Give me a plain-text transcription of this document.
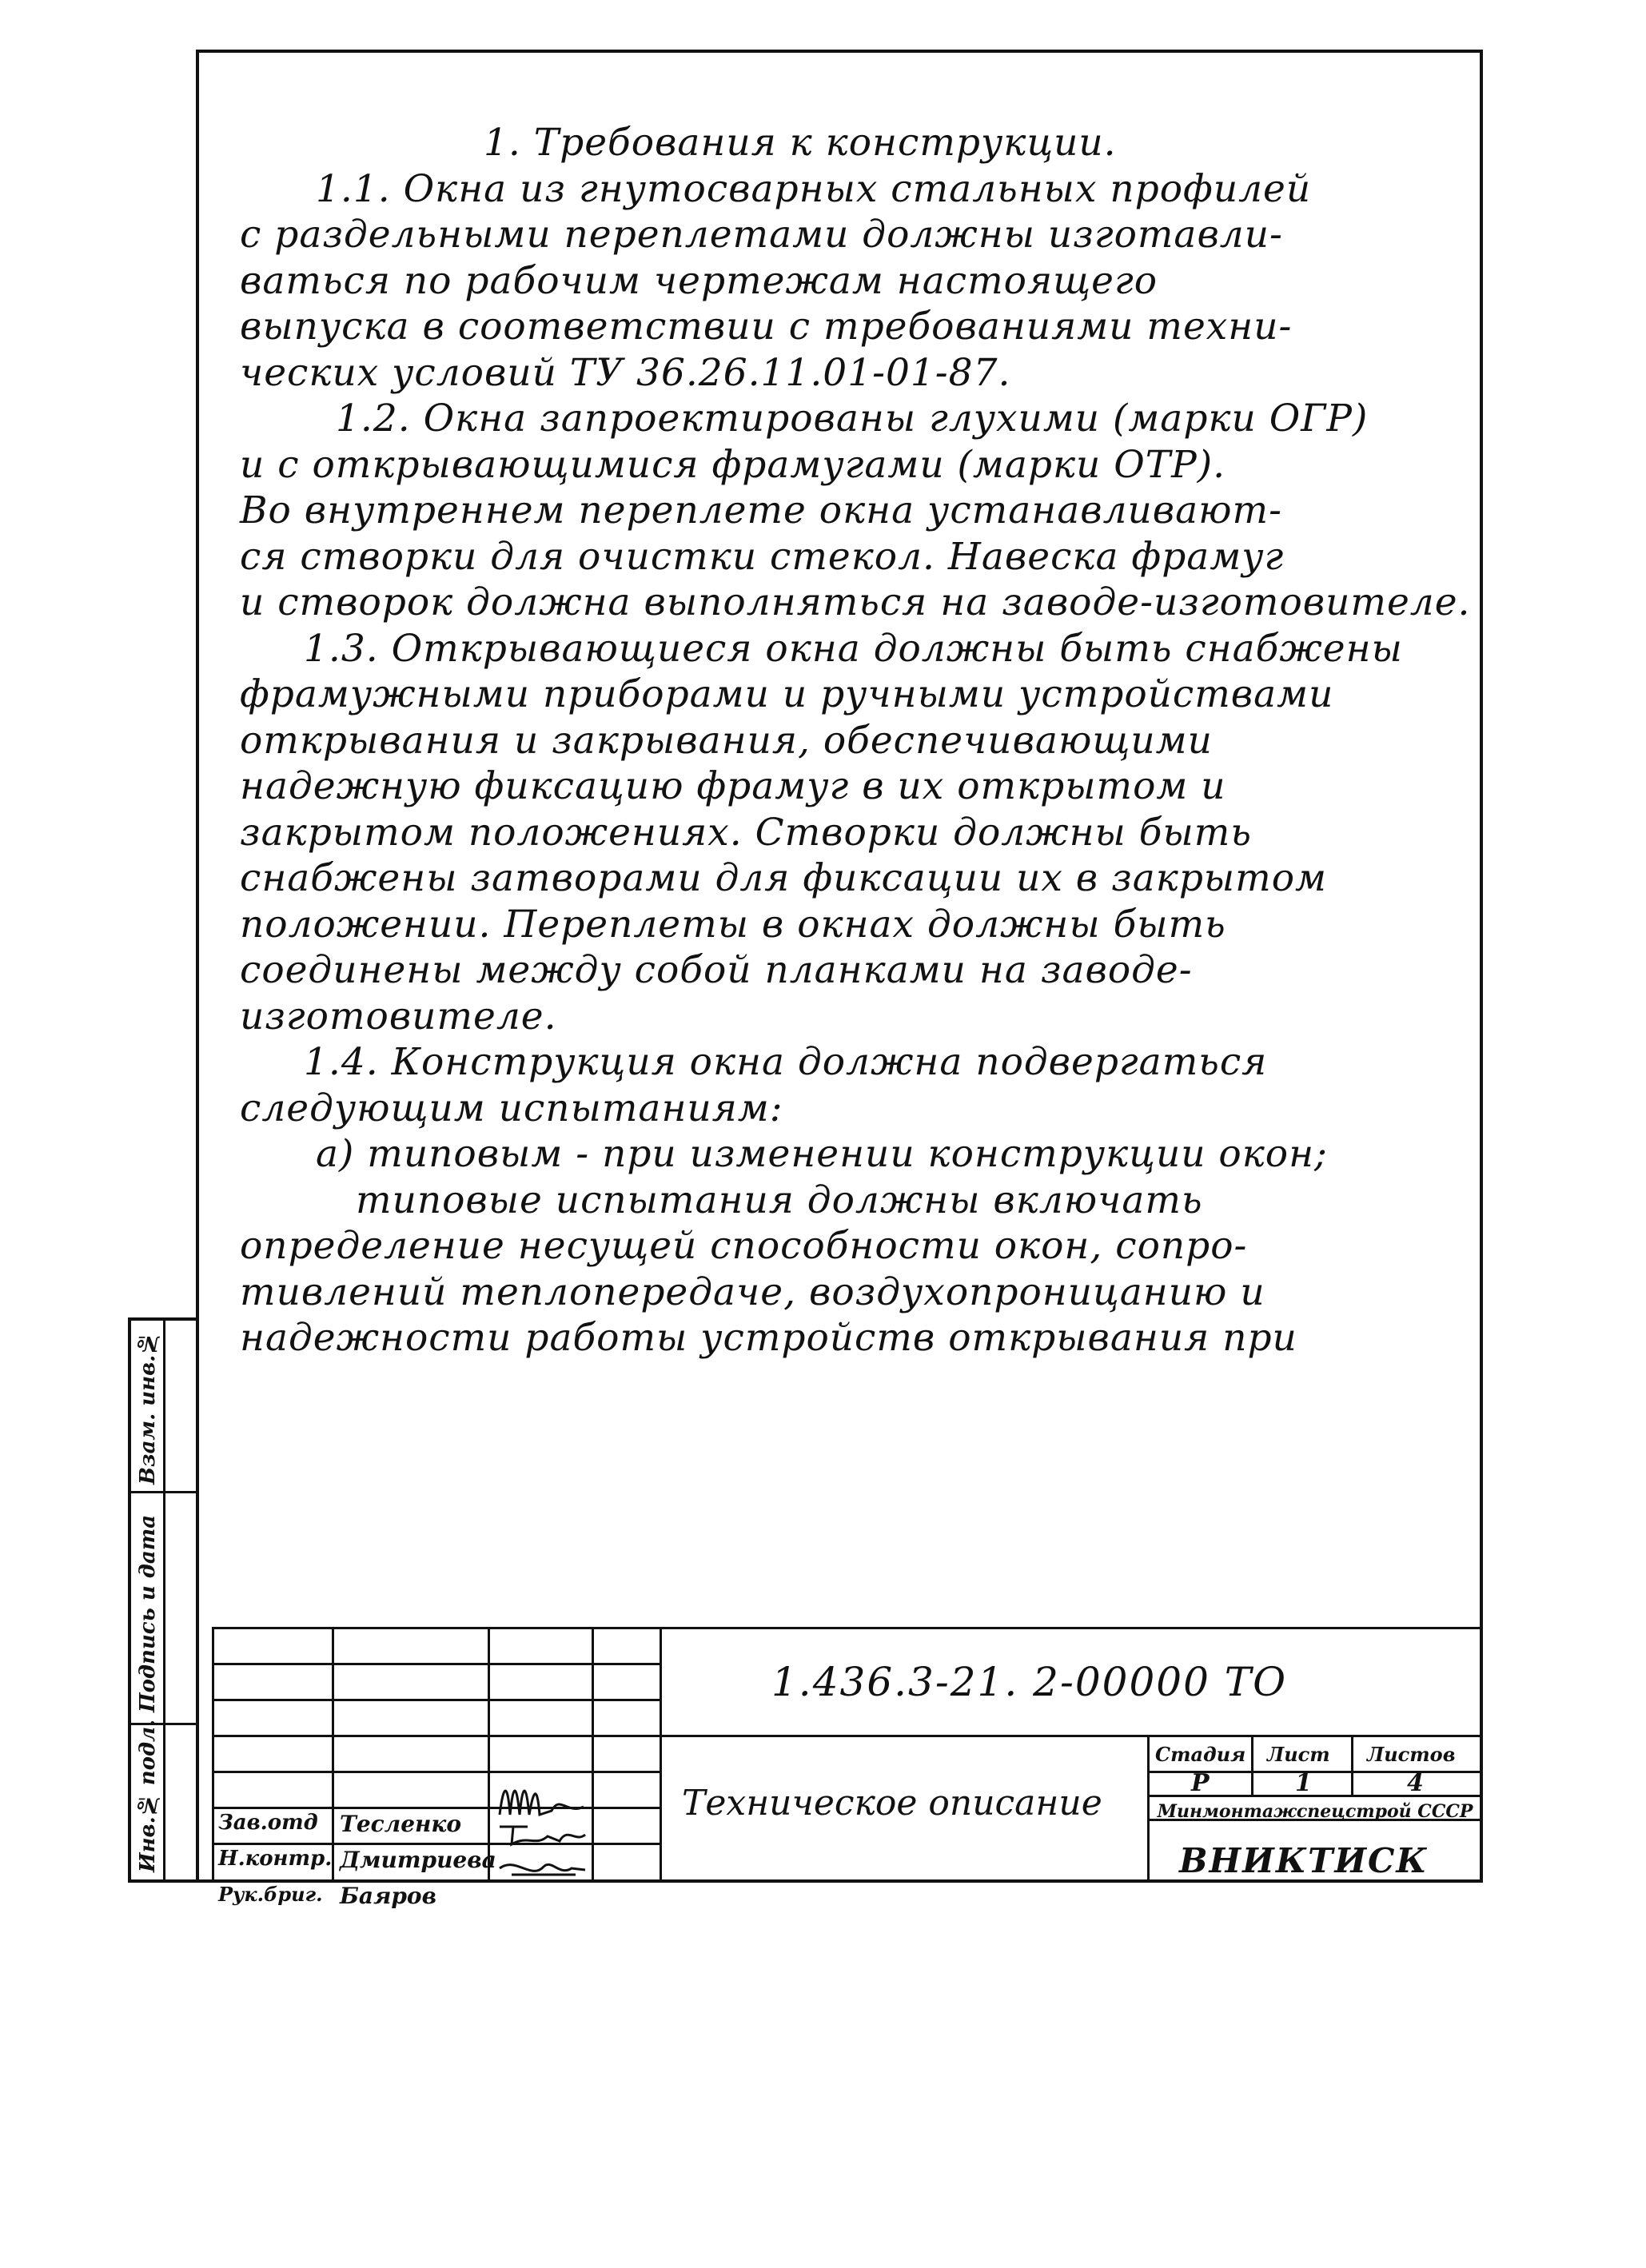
1. Требования к конструкции.
1.1. Окна из гнутосварных стальных профилей
с раздельными переплетами должны изготавли-
ваться по рабочим чертежам настоящего
выпуска в соответствии с требованиями техни-
ческих условий ТУ 36.26.11.01-01-87.
1.2. Окна запроектированы глухими (марки ОГР)
и с открывающимися фрамугами (марки ОТР).
Во внутреннем переплете окна устанавливают-
ся створки для очистки стекол. Навеска фрамуг
и створок должна выполняться на заводе-изготовителе.
1.3. Открывающиеся окна должны быть снабжены
фрамужными приборами и ручными устройствами
открывания и закрывания, обеспечивающими
надежную фиксацию фрамуг в их открытом и
закрытом положениях. Створки должны быть
снабжены затворами для фиксации их в закрытом
положении. Переплеты в окнах должны быть
соединены между собой планками на заводе-
изготовителе.
1.4. Конструкция окна должна подвергаться
следующим испытаниям:
а) типовым - при изменении конструкции окон;
типовые испытания должны включать
определение несущей способности окон, сопро-
тивлений теплопередаче, воздухопроницанию и
надежности работы устройств открывания при
Взам. инв.№
Подпись и дата
Инв.№ подл.
1.436.3-21. 2-00000 ТО
Техническое описание
Стадия Лист Листов
Р	1	4
Минмонтажспецстрой СССР
ВНИКТИСК
Зав.отд
Н.контр.
Рук.бриг.
Тесленко
Дмитриева
Баяров
